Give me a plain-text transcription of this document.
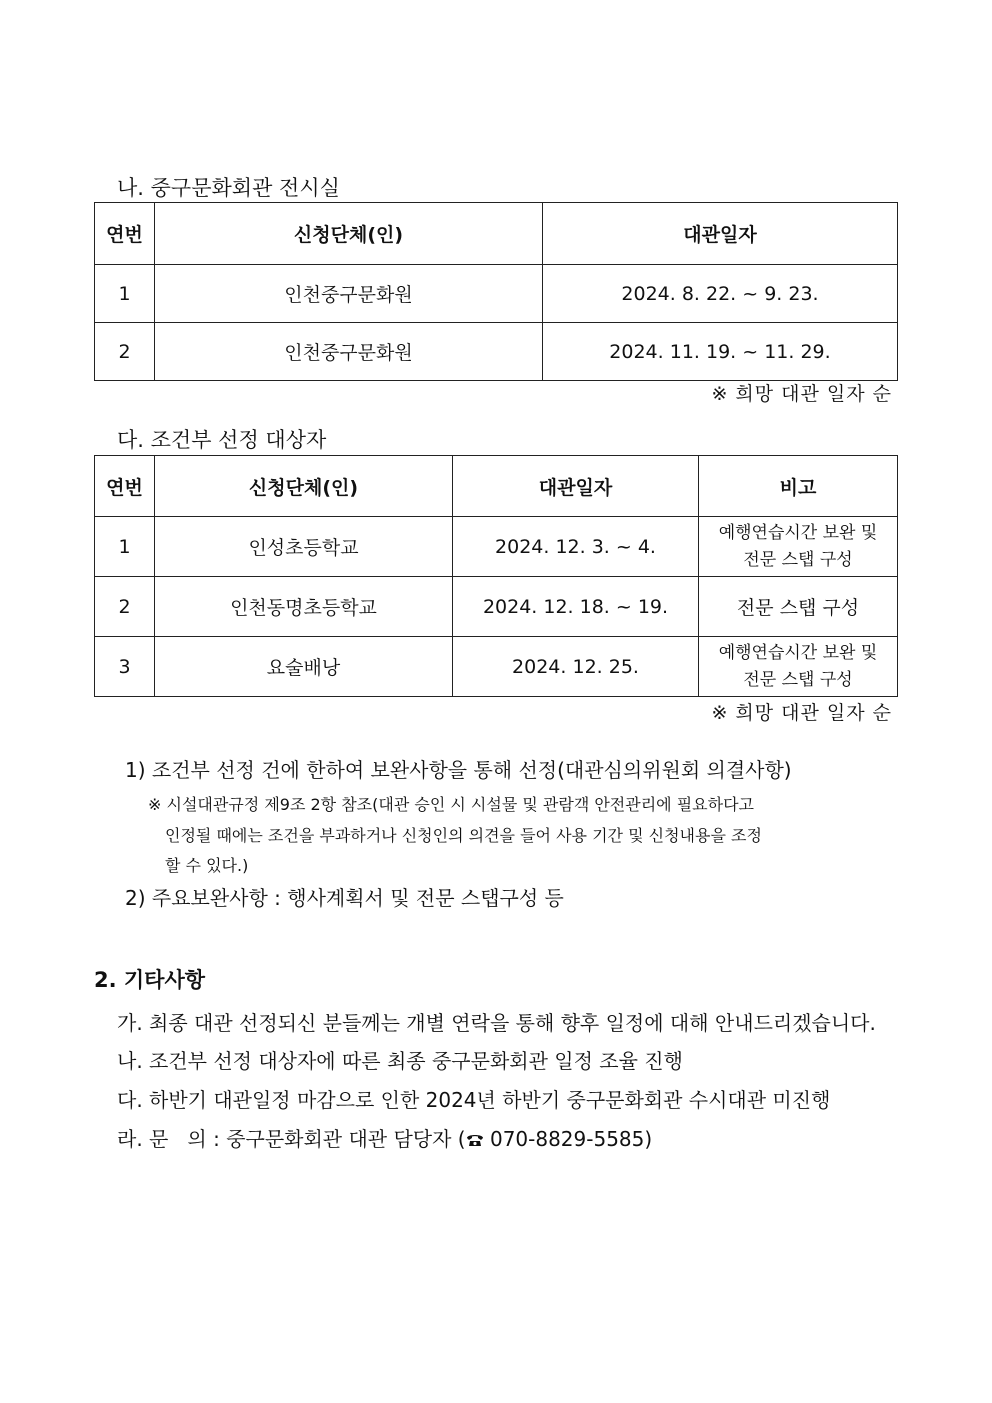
나. 중구문화회관 전시실
연번	신청단체(인)	대관일자
1	인천중구문화원	2024. 8. 22. ~ 9. 23.
2	인천중구문화원	2024. 11. 19. ~ 11. 29.
※ 희망 대관 일자 순
다. 조건부 선정 대상자
연번	신청단체(인)	대관일자	비고
1	인성초등학교	2024. 12. 3. ~ 4.	예행연습시간 보완 및
전문 스탭 구성

2	인천동명초등학교	2024. 12. 18. ~ 19.	전문 스탭 구성
3	요술배낭	2024. 12. 25.	예행연습시간 보완 및
전문 스탭 구성
※ 희망 대관 일자 순
1) 조건부 선정 건에 한하여 보완사항을 통해 선정(대관심의위원회 의결사항)
※ 시설대관규정 제9조 2항 참조(대관 승인 시 시설물 및 관람객 안전관리에 필요하다고
인정될 때에는 조건을 부과하거나 신청인의 의견을 들어 사용 기간 및 신청내용을 조정
할 수 있다.)
2) 주요보완사항 : 행사계획서 및 전문 스탭구성 등
2. 기타사항
가. 최종 대관 선정되신 분들께는 개별 연락을 통해 향후 일정에 대해 안내드리겠습니다.
나. 조건부 선정 대상자에 따른 최종 중구문화회관 일정 조율 진행
다. 하반기 대관일정 마감으로 인한 2024년 하반기 중구문화회관 수시대관 미진행
라. 문   의 : 중구문화회관 대관 담당자 ( 070-8829-5585)
